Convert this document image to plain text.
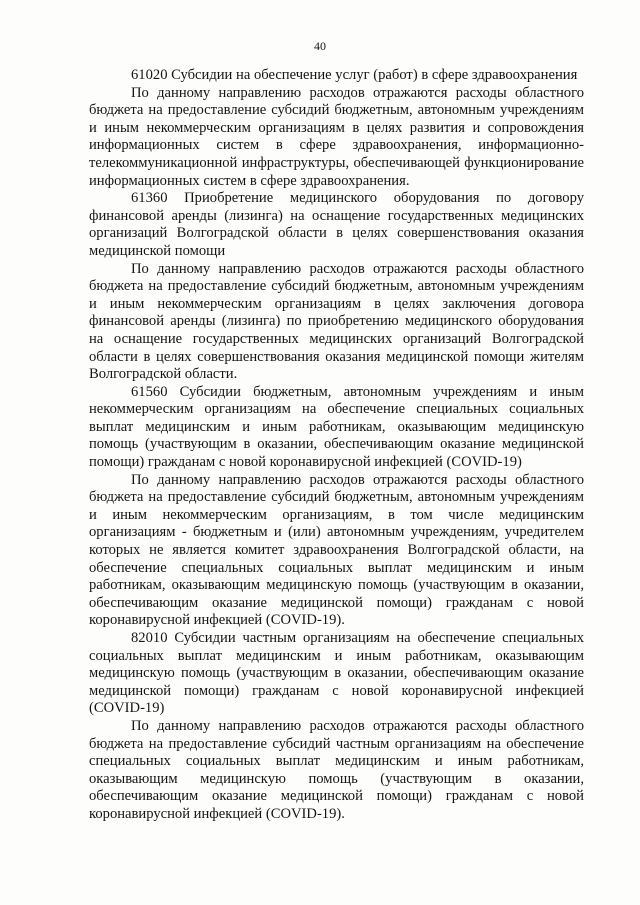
40

61020 Субсидии на обеспечение услуг (работ) в сфере здравоохранения

По данному направлению расходов отражаются расходы областного бюджета на предоставление субсидий бюджетным, автономным учреждениям и иным некоммерческим организациям в целях развития и сопровождения информационных систем в сфере здравоохранения, информационно-телекоммуникационной инфраструктуры, обеспечивающей функционирование информационных систем в сфере здравоохранения.

61360 Приобретение медицинского оборудования по договору финансовой аренды (лизинга) на оснащение государственных медицинских организаций Волгоградской области в целях совершенствования оказания медицинской помощи

По данному направлению расходов отражаются расходы областного бюджета на предоставление субсидий бюджетным, автономным учреждениям и иным некоммерческим организациям в целях заключения договора финансовой аренды (лизинга) по приобретению медицинского оборудования на оснащение государственных медицинских организаций Волгоградской области в целях совершенствования оказания медицинской помощи жителям Волгоградской области.

61560 Субсидии бюджетным, автономным учреждениям и иным некоммерческим организациям на обеспечение специальных социальных выплат медицинским и иным работникам, оказывающим медицинскую помощь (участвующим в оказании, обеспечивающим оказание медицинской помощи) гражданам с новой коронавирусной инфекцией (COVID-19)

По данному направлению расходов отражаются расходы областного бюджета на предоставление субсидий бюджетным, автономным учреждениям и иным некоммерческим организациям, в том числе медицинским организациям - бюджетным и (или) автономным учреждениям, учредителем которых не является комитет здравоохранения Волгоградской области, на обеспечение специальных социальных выплат медицинским и иным работникам, оказывающим медицинскую помощь (участвующим в оказании, обеспечивающим оказание медицинской помощи) гражданам с новой коронавирусной инфекцией (COVID-19).

82010 Субсидии частным организациям на обеспечение специальных социальных выплат медицинским и иным работникам, оказывающим медицинскую помощь (участвующим в оказании, обеспечивающим оказание медицинской помощи) гражданам с новой коронавирусной инфекцией (COVID-19)

По данному направлению расходов отражаются расходы областного бюджета на предоставление субсидий частным организациям на обеспечение специальных социальных выплат медицинским и иным работникам, оказывающим медицинскую помощь (участвующим в оказании, обеспечивающим оказание медицинской помощи) гражданам с новой коронавирусной инфекцией (COVID-19).
